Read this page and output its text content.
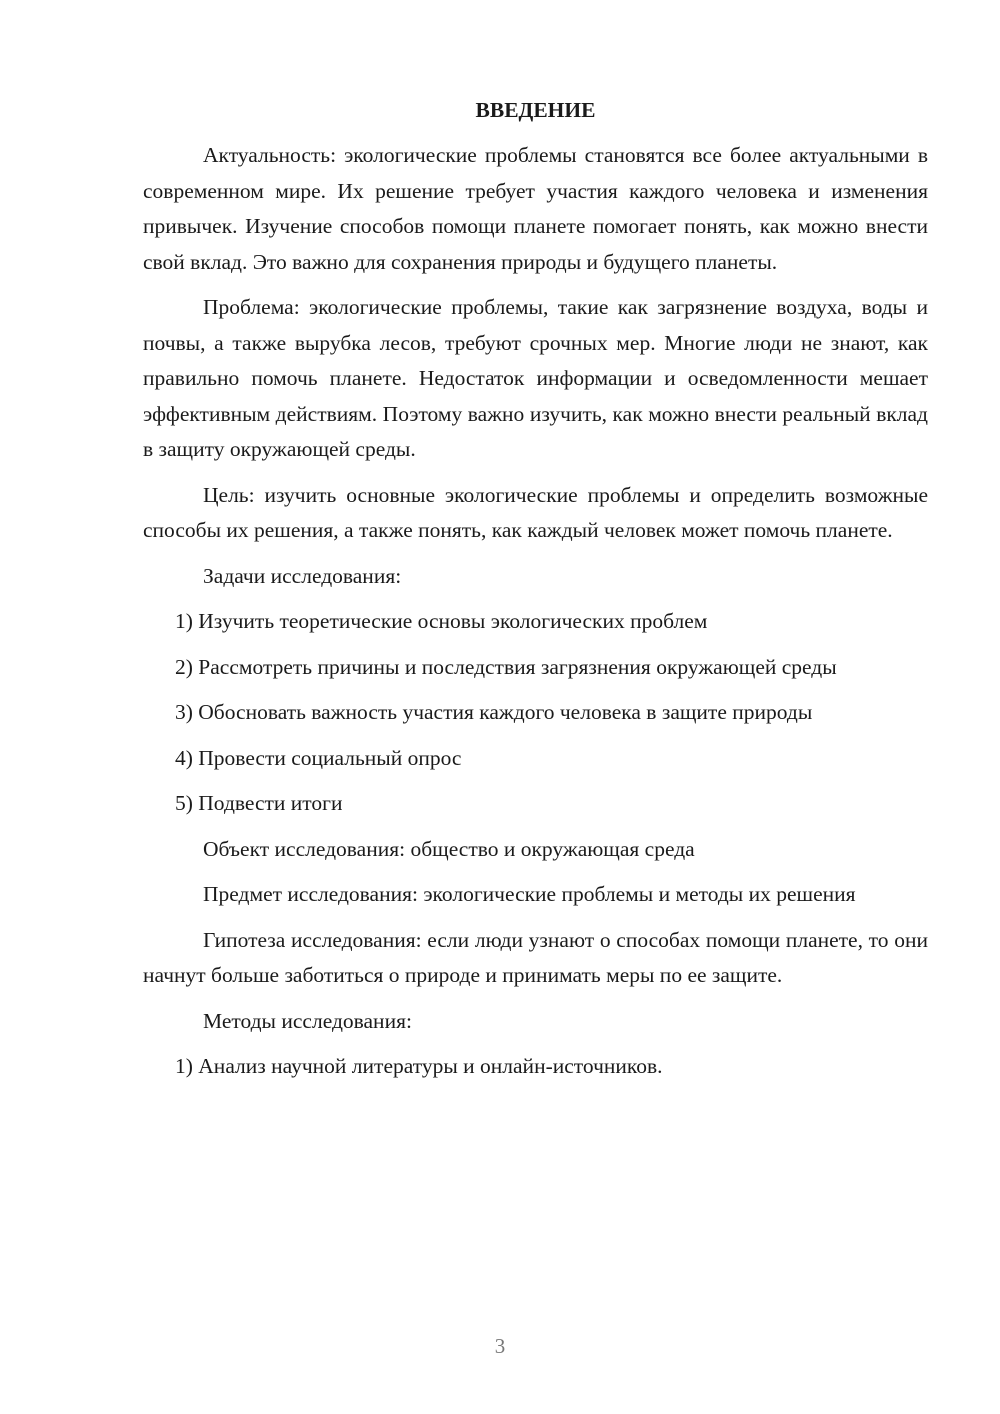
ВВЕДЕНИЕ

Актуальность: экологические проблемы становятся все более актуальными в современном мире. Их решение требует участия каждого человека и изменения привычек. Изучение способов помощи планете помогает понять, как можно внести свой вклад. Это важно для сохранения природы и будущего планеты.

Проблема: экологические проблемы, такие как загрязнение воздуха, воды и почвы, а также вырубка лесов, требуют срочных мер. Многие люди не знают, как правильно помочь планете. Недостаток информации и осведомленности мешает эффективным действиям. Поэтому важно изучить, как можно внести реальный вклад в защиту окружающей среды.

Цель: изучить основные экологические проблемы и определить возможные способы их решения, а также понять, как каждый человек может помочь планете.

Задачи исследования:

1) Изучить теоретические основы экологических проблем

2) Рассмотреть причины и последствия загрязнения окружающей среды

3) Обосновать важность участия каждого человека в защите природы

4) Провести социальный опрос

5) Подвести итоги

Объект исследования: общество и окружающая среда

Предмет исследования: экологические проблемы и методы их решения

Гипотеза исследования: если люди узнают о способах помощи планете, то они начнут больше заботиться о природе и принимать меры по ее защите.

Методы исследования:

1) Анализ научной литературы и онлайн-источников.

3
